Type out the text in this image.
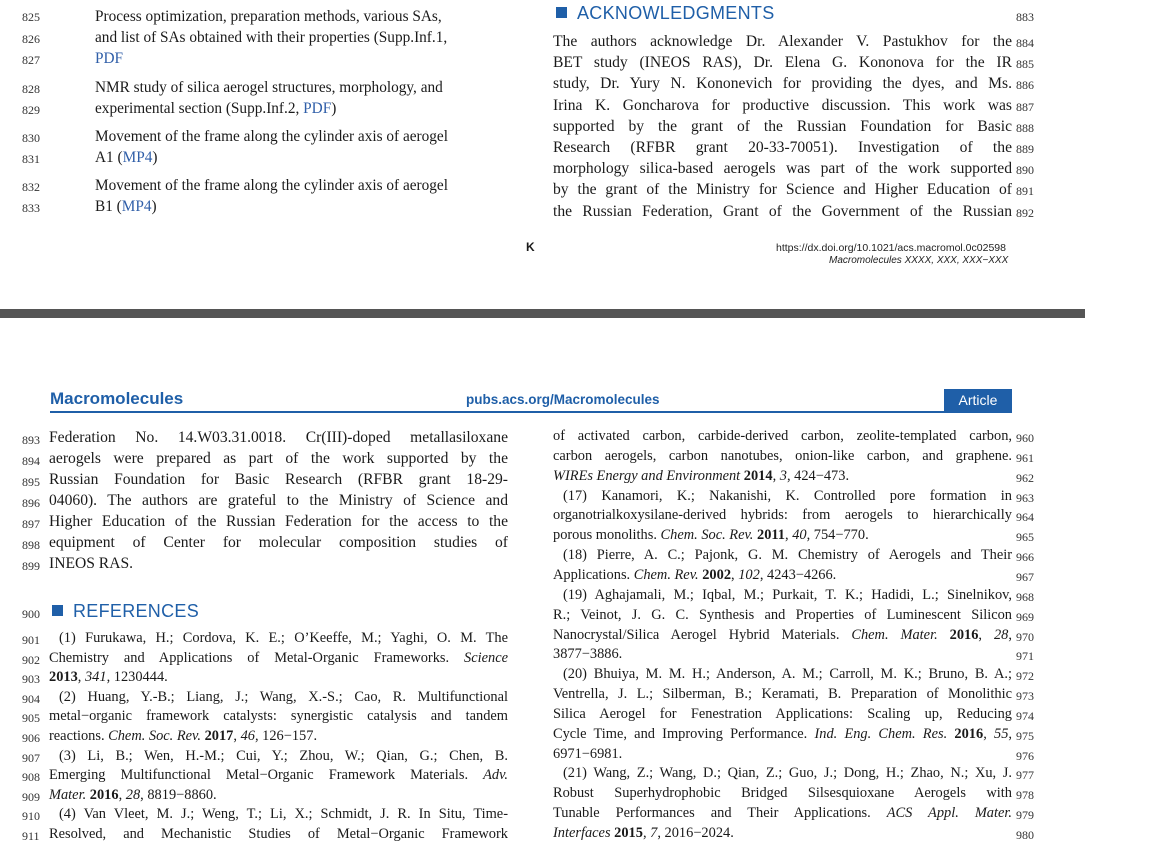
825
826
827
Process optimization, preparation methods, various SAs,
and list of SAs obtained with their properties (Supp.Inf.1,
PDF
828
829
NMR study of silica aerogel structures, morphology, and
experimental section (Supp.Inf.2, PDF)
830
831
Movement of the frame along the cylinder axis of aerogel
A1 (MP4)
832
833
Movement of the frame along the cylinder axis of aerogel
B1 (MP4)
ACKNOWLEDGMENTS	883
The authors acknowledge Dr. Alexander V. Pastukhov for the 884
BET study (INEOS RAS), Dr. Elena G. Kononova for the IR 885
study, Dr. Yury N. Kononevich for providing the dyes, and Ms. 886
Irina K. Goncharova for productive discussion. This work was 887
supported by the grant of the Russian Foundation for Basic 888
Research (RFBR grant 20-33-70051). Investigation of the 889
morphology silica-based aerogels was part of the work supported 890
by the grant of the Ministry for Science and Higher Education of 891
the Russian Federation, Grant of the Government of the Russian 892
K	https://dx.doi.org/10.1021/acs.macromol.0c02598
Macromolecules XXXX, XXX, XXX−XXX
Macromolecules	pubs.acs.org/Macromolecules	Article
893 Federation No. 14.W03.31.0018. Cr(III)-doped metallasiloxane
894 aerogels were prepared as part of the work supported by the
895 Russian Foundation for Basic Research (RFBR grant 18-29-
896 04060). The authors are grateful to the Ministry of Science and
897 Higher Education of the Russian Federation for the access to the
898 equipment of Center for molecular composition studies of
899 INEOS RAS.
REFERENCES
900
901 (1) Furukawa, H.; Cordova, K. E.; O’Keeffe, M.; Yaghi, O. M. The
902 Chemistry and Applications of Metal-Organic Frameworks. Science
903 2013, 341, 1230444.
904 (2) Huang, Y.-B.; Liang, J.; Wang, X.-S.; Cao, R. Multifunctional
905 metal−organic framework catalysts: synergistic catalysis and tandem
906 reactions. Chem. Soc. Rev. 2017, 46, 126−157.
907 (3) Li, B.; Wen, H.-M.; Cui, Y.; Zhou, W.; Qian, G.; Chen, B.
908 Emerging Multifunctional Metal−Organic Framework Materials. Adv.
909 Mater. 2016, 28, 8819−8860.
910 (4) Van Vleet, M. J.; Weng, T.; Li, X.; Schmidt, J. R. In Situ, Time-
911 Resolved, and Mechanistic Studies of Metal−Organic Framework
960
of activated carbon, carbide-derived carbon, zeolite-templated carbon,
961
carbon aerogels, carbon nanotubes, onion-like carbon, and graphene.
962
WIREs Energy and Environment 2014, 3, 424−473.
963
(17) Kanamori, K.; Nakanishi, K. Controlled pore formation in
964
organotrialkoxysilane-derived hybrids: from aerogels to hierarchically
965
porous monoliths. Chem. Soc. Rev. 2011, 40, 754−770.
966
(18) Pierre, A. C.; Pajonk, G. M. Chemistry of Aerogels and Their
967
Applications. Chem. Rev. 2002, 102, 4243−4266.
968
(19) Aghajamali, M.; Iqbal, M.; Purkait, T. K.; Hadidi, L.; Sinelnikov,
969
R.; Veinot, J. G. C. Synthesis and Properties of Luminescent Silicon
970
Nanocrystal/Silica Aerogel Hybrid Materials. Chem. Mater. 2016, 28,
971
3877−3886.
972
(20) Bhuiya, M. M. H.; Anderson, A. M.; Carroll, M. K.; Bruno, B. A.;
973
Ventrella, J. L.; Silberman, B.; Keramati, B. Preparation of Monolithic
974
Silica Aerogel for Fenestration Applications: Scaling up, Reducing
975
Cycle Time, and Improving Performance. Ind. Eng. Chem. Res. 2016, 55,
976
6971−6981.
977
(21) Wang, Z.; Wang, D.; Qian, Z.; Guo, J.; Dong, H.; Zhao, N.; Xu, J.
978
Robust Superhydrophobic Bridged Silsesquioxane Aerogels with
979
Tunable Performances and Their Applications. ACS Appl. Mater.
980
Interfaces 2015, 7, 2016−2024.
